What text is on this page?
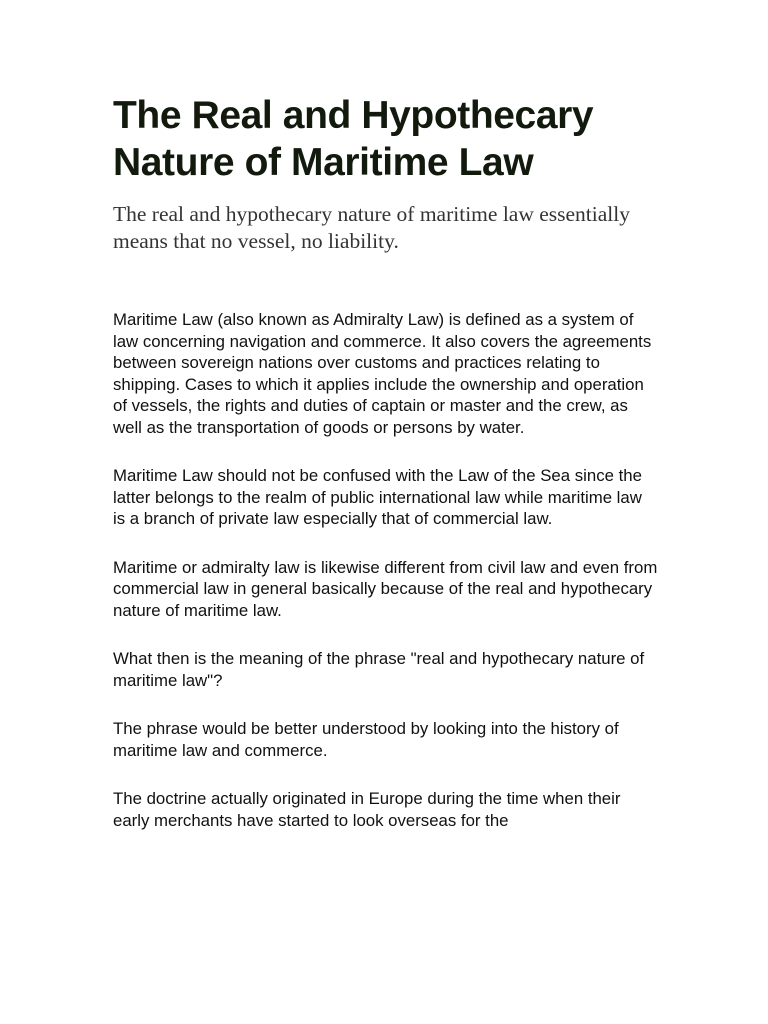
The Real and Hypothecary Nature of Maritime Law

The real and hypothecary nature of maritime law essentially means that no vessel, no liability.

Maritime Law (also known as Admiralty Law) is defined as a system of law concerning navigation and commerce. It also covers the agreements between sovereign nations over customs and practices relating to shipping. Cases to which it applies include the ownership and operation of vessels, the rights and duties of captain or master and the crew, as well as the transportation of goods or persons by water.

Maritime Law should not be confused with the Law of the Sea since the latter belongs to the realm of public international law while maritime law is a branch of private law especially that of commercial law.

Maritime or admiralty law is likewise different from civil law and even from commercial law in general basically because of the real and hypothecary nature of maritime law.

What then is the meaning of the phrase "real and hypothecary nature of maritime law"?

The phrase would be better understood by looking into the history of maritime law and commerce.

The doctrine actually originated in Europe during the time when their early merchants have started to look overseas for the
